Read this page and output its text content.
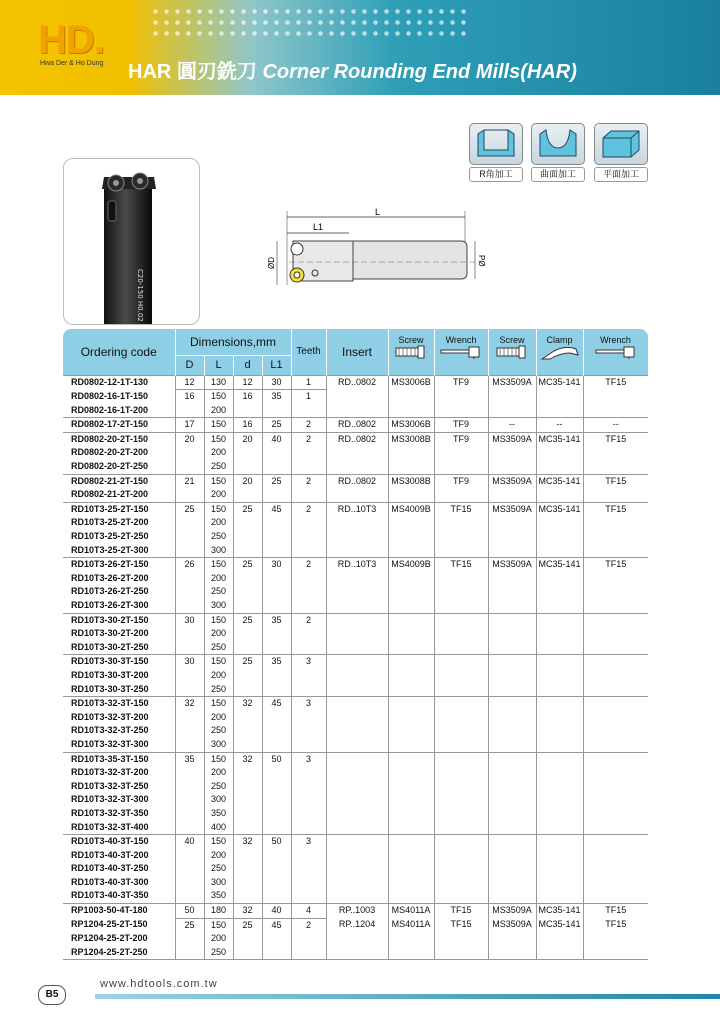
HD.
Hwa Der & Ho Dung HAR 圓刃銑刀 Corner Rounding End Mills(HAR)
R角加工	曲面加工	平面加工
C20-150 H0.02
L
L1
ØD	PØ
Ordering code	Dimensions,mm				Teeth	Insert	Screw	Wrench	Screw	Clamp	Wrench

	D	L	d	L1							
RD0802-12-1T-130	12	130	12	30	1	RD..0802	MS3006B	TF9	MS3509A	MC35-141	TF15
RD0802-16-1T-150	16	150	16	35	1						
RD0802-16-1T-200		200									
RD0802-17-2T-150	17	150	16	25	2	RD..0802	MS3006B	TF9	--	--	--
RD0802-20-2T-150	20	150	20	40	2	RD..0802	MS3008B	TF9	MS3509A	MC35-141	TF15
RD0802-20-2T-200		200									
RD0802-20-2T-250		250									
RD0802-21-2T-150	21	150	20	25	2	RD..0802	MS3008B	TF9	MS3509A	MC35-141	TF15
RD0802-21-2T-200		200									
RD10T3-25-2T-150	25	150	25	45	2	RD..10T3	MS4009B	TF15	MS3509A	MC35-141	TF15
RD10T3-25-2T-200		200									
RD10T3-25-2T-250		250									
RD10T3-25-2T-300		300									
RD10T3-26-2T-150	26	150	25	30	2	RD..10T3	MS4009B	TF15	MS3509A	MC35-141	TF15
RD10T3-26-2T-200		200									
RD10T3-26-2T-250		250									
RD10T3-26-2T-300		300									
RD10T3-30-2T-150	30	150	25	35	2						
RD10T3-30-2T-200		200									
RD10T3-30-2T-250		250									
RD10T3-30-3T-150	30	150	25	35	3						
RD10T3-30-3T-200		200									
RD10T3-30-3T-250		250									
RD10T3-32-3T-150	32	150	32	45	3						
RD10T3-32-3T-200		200									
RD10T3-32-3T-250		250									
RD10T3-32-3T-300		300									
RD10T3-35-3T-150	35	150	32	50	3						
RD10T3-32-3T-200		200									
RD10T3-32-3T-250		250									
RD10T3-32-3T-300		300									
RD10T3-32-3T-350		350									
RD10T3-32-3T-400		400									
RD10T3-40-3T-150	40	150	32	50	3						
RD10T3-40-3T-200		200									
RD10T3-40-3T-250		250									
RD10T3-40-3T-300		300									
RD10T3-40-3T-350		350									
RP1003-50-4T-180	50	180	32	40	4	RP..1003	MS4011A	TF15	MS3509A	MC35-141	TF15
RP1204-25-2T-150	25	150	25	45	2	RP..1204	MS4011A	TF15	MS3509A	MC35-141	TF15
RP1204-25-2T-200		200									
RP1204-25-2T-250		250									
B5
www.hdtools.com.tw
